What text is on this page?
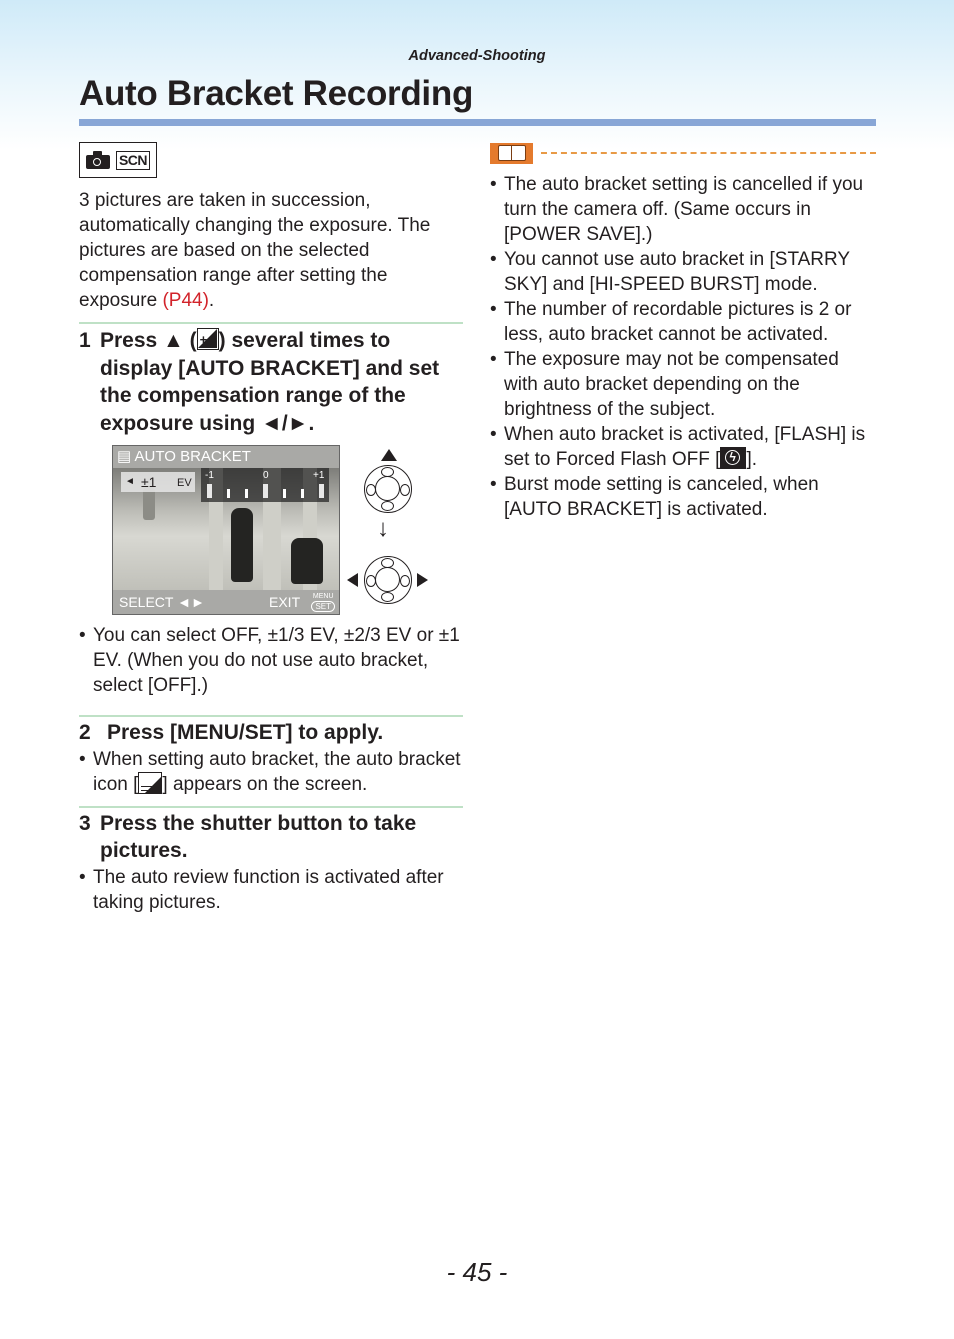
Advanced-Shooting
Auto Bracket Recording
SCN

3 pictures are taken in succession, automatically changing the exposure. The pictures are based on the selected compensation range after setting the exposure (P44).

1 Press ▲ ( + ) several times to display [AUTO BRACKET] and set the compensation range of the exposure using ◄/►.
▤ AUTO BRACKET
-1	0	+1
◄ ±1 EV
SELECT ◄►	EXIT MENU
SET
↓
• You can select OFF, ±1/3 EV, ±2/3 EV or ±1 EV. (When you do not use auto bracket, select [OFF].)
2 Press [MENU/SET] to apply.
• When setting auto bracket, the auto bracket icon [ ] appears on the screen.
3 Press the shutter button to take pictures.
• The auto review function is activated after taking pictures.
• The auto bracket setting is cancelled if you turn the camera off. (Same occurs in [POWER SAVE].)
• You cannot use auto bracket in [STARRY SKY] and [HI-SPEED BURST] mode.
• The number of recordable pictures is 2 or less, auto bracket cannot be activated.
• The exposure may not be compensated with auto bracket depending on the brightness of the subject.
• When auto bracket is activated, [FLASH] is set to Forced Flash OFF [ ϟ ].
• Burst mode setting is canceled, when [AUTO BRACKET] is activated.
- 45 -
